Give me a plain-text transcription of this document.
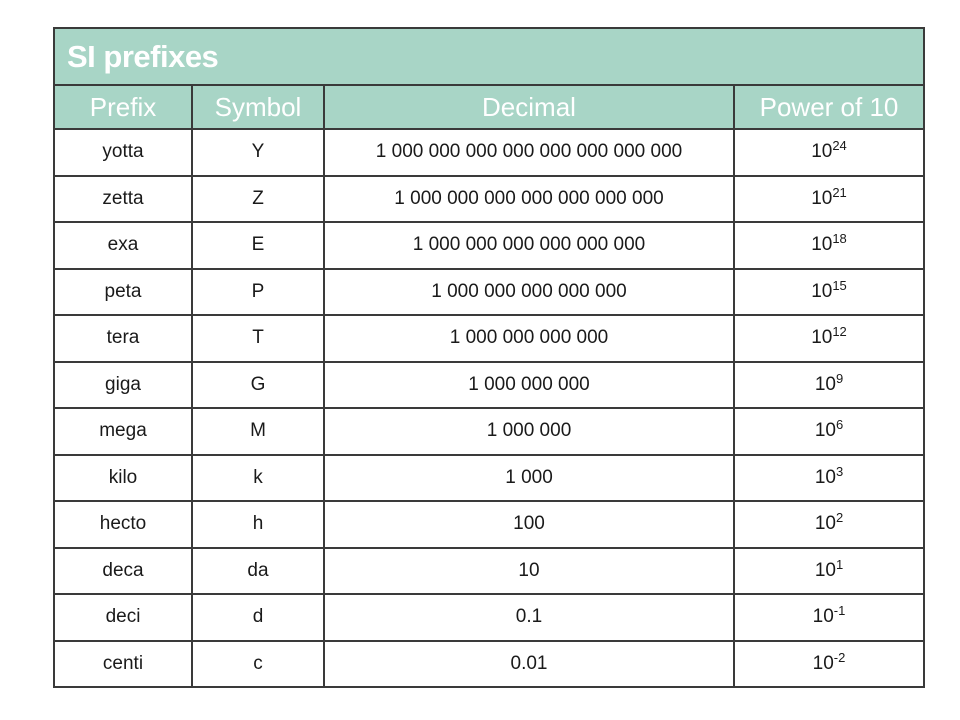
SI prefixes
Prefix	Symbol	Decimal	Power of 10
yotta	Y	1 000 000 000 000 000 000 000 000	$10^{24}$
zetta	Z	1 000 000 000 000 000 000 000	$10^{21}$
exa	E	1 000 000 000 000 000 000	$10^{18}$
peta	P	1 000 000 000 000 000	$10^{15}$
tera	T	1 000 000 000 000	$10^{12}$
giga	G	1 000 000 000	$10^9$
mega	M	1 000 000	$10^6$
kilo	k	1 000	$10^3$
hecto	h	100	$10^2$
deca	da	10	$10^1$
deci	d	0.1	$10^{-1}$
centi	c	0.01	$10^{-2}$
